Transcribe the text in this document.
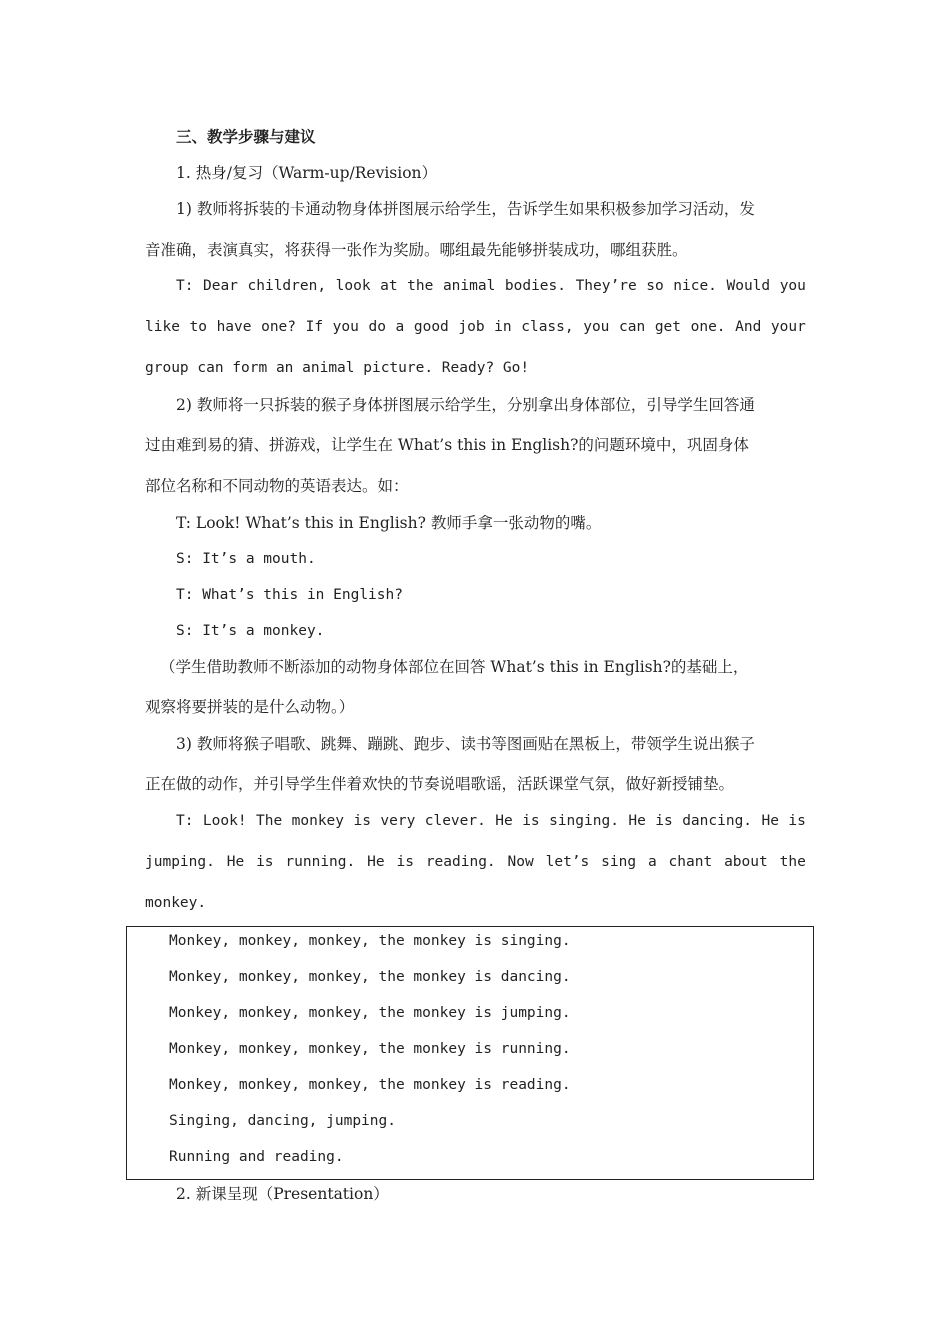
三、教学步骤与建议
1. 热身/复习（Warm-up/Revision）
1) 教师将拆装的卡通动物身体拼图展示给学生，告诉学生如果积极参加学习活动，发
音准确，表演真实，将获得一张作为奖励。哪组最先能够拼装成功，哪组获胜。
T: Dear children, look at the animal bodies. They’re so nice. Would you
like to have one? If you do a good job in class, you can get one. And your
group can form an animal picture. Ready? Go!
2) 教师将一只拆装的猴子身体拼图展示给学生，分别拿出身体部位，引导学生回答通
过由难到易的猜、拼游戏，让学生在 What’s this in English?的问题环境中，巩固身体
部位名称和不同动物的英语表达。如：
T: Look! What’s this in English? 教师手拿一张动物的嘴。
S: It’s a mouth.
T: What’s this in English?
S: It’s a monkey.
（学生借助教师不断添加的动物身体部位在回答 What’s this in English?的基础上，
观察将要拼装的是什么动物。）
3) 教师将猴子唱歌、跳舞、蹦跳、跑步、读书等图画贴在黑板上，带领学生说出猴子
正在做的动作，并引导学生伴着欢快的节奏说唱歌谣，活跃课堂气氛，做好新授铺垫。
T: Look! The monkey is very clever. He is singing. He is dancing. He is
jumping. He is running. He is reading. Now let’s sing a chant about the
monkey.
Monkey, monkey, monkey, the monkey is singing.
Monkey, monkey, monkey, the monkey is dancing.
Monkey, monkey, monkey, the monkey is jumping.
Monkey, monkey, monkey, the monkey is running.
Monkey, monkey, monkey, the monkey is reading.
Singing, dancing, jumping.
Running and reading.
2. 新课呈现（Presentation）
